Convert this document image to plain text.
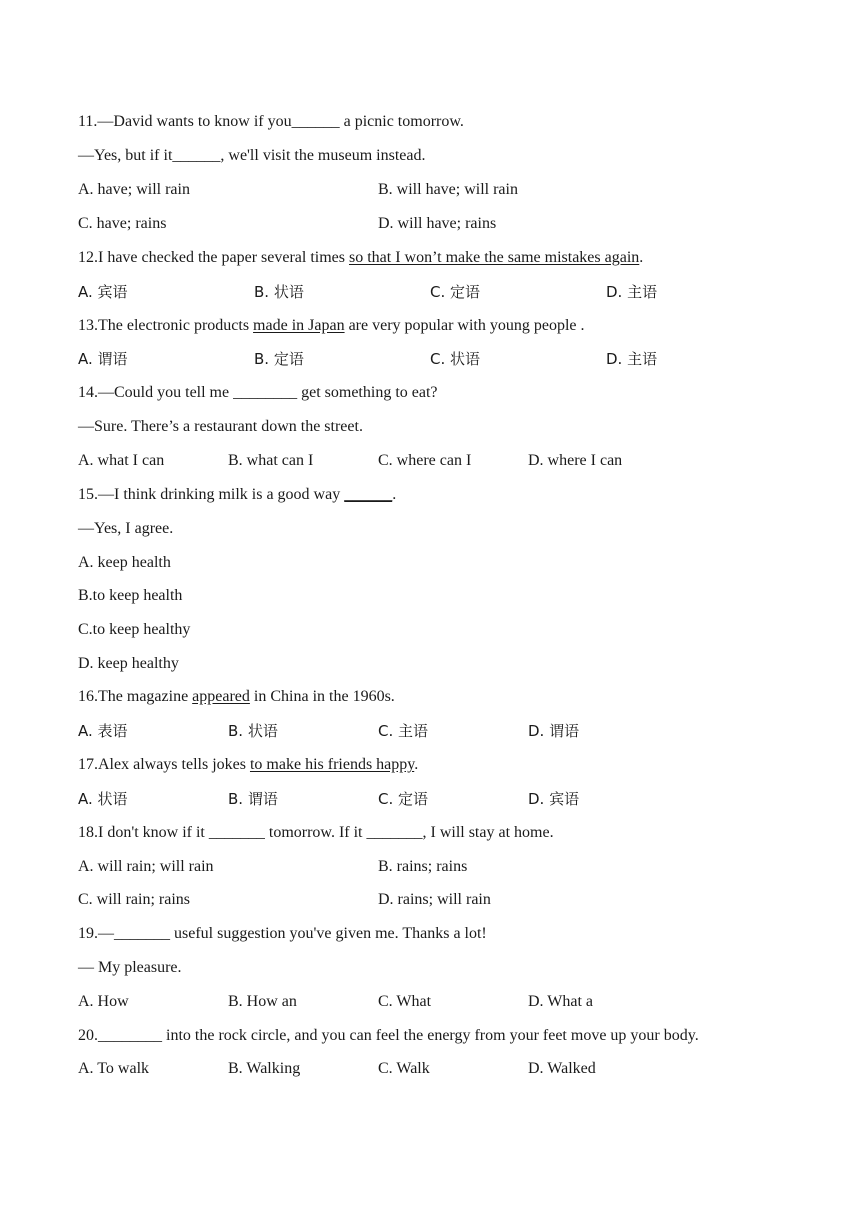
11.—David wants to know if you______ a picnic tomorrow.
—Yes, but if it______, we'll visit the museum instead.
A. have; will rain	B. will have; will rain
C. have; rains	D. will have; rains
12.I have checked the paper several times so that I won’t make the same mistakes again.
A. 宾语	B. 状语	C. 定语	D. 主语
13.The electronic products made in Japan are very popular with young people .
A. 谓语	B. 定语	C. 状语	D. 主语
14.—Could you tell me ________ get something to eat?
—Sure. There’s a restaurant down the street.
A. what I can	B. what can I	C. where can I	D. where I can
15.—I think drinking milk is a good way ______.
—Yes, I agree.
A. keep health
B.to keep health
C.to keep healthy
D. keep healthy
16.The magazine appeared in China in the 1960s.
A. 表语	B. 状语	C. 主语	D. 谓语
17.Alex always tells jokes to make his friends happy.
A. 状语	B. 谓语	C. 定语	D. 宾语
18.I don't know if it _______ tomorrow. If it _______, I will stay at home.
A. will rain; will rain	B. rains; rains
C. will rain; rains	D. rains; will rain
19.—_______ useful suggestion you've given me. Thanks a lot!
— My pleasure.
A. How	B. How an	C. What	D. What a
20.________ into the rock circle, and you can feel the energy from your feet move up your body.
A. To walk	B. Walking	C. Walk	D. Walked
